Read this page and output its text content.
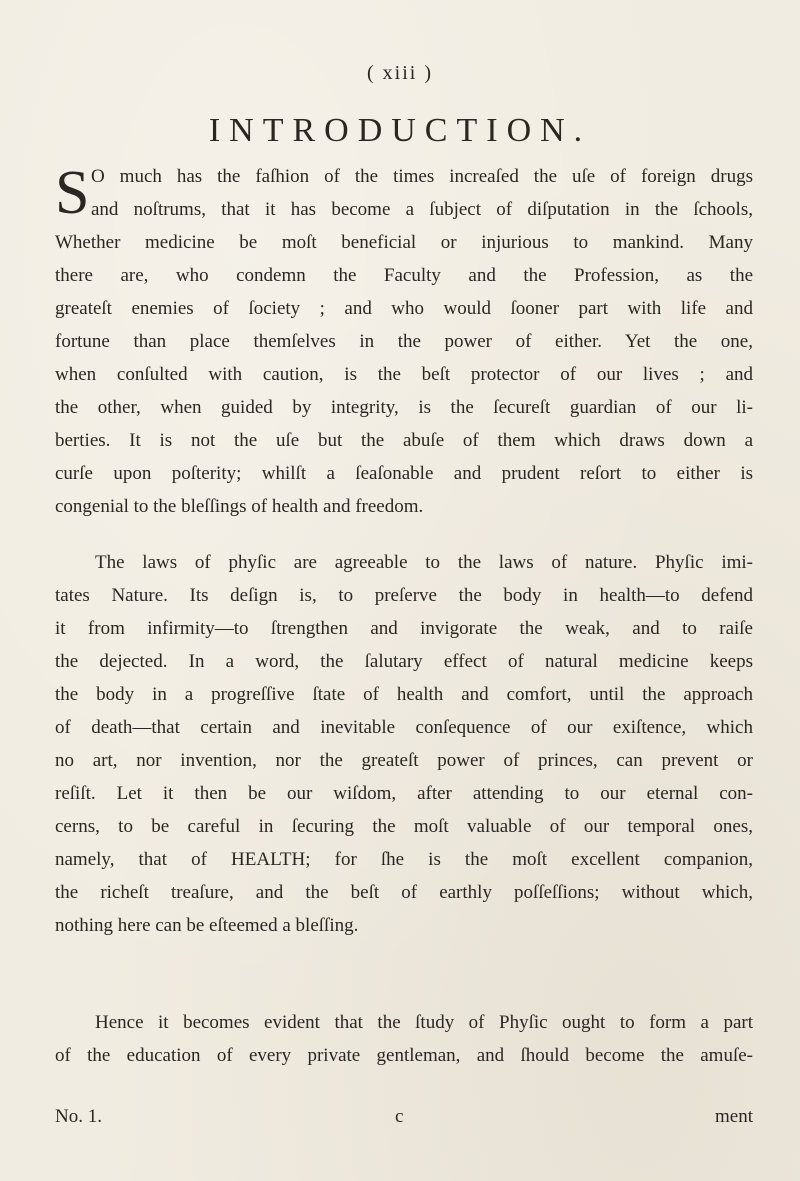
( xiii )
INTRODUCTION.
S O much has the faſhion of the times increaſed the uſe of foreign drugs
and noſtrums, that it has become a ſubject of diſputation in the ſchools,
Whether medicine be moſt beneficial or injurious to mankind. Many
there are, who condemn the Faculty and the Profession, as the
greateſt enemies of ſociety ; and who would ſooner part with life and
fortune than place themſelves in the power of either. Yet the one,
when conſulted with caution, is the beſt protector of our lives ; and
the other, when guided by integrity, is the ſecureſt guardian of our li-
berties. It is not the uſe but the abuſe of them which draws down a
curſe upon poſterity; whilſt a ſeaſonable and prudent reſort to either is
congenial to the bleſſings of health and freedom.
The laws of phyſic are agreeable to the laws of nature. Phyſic imi-
tates Nature. Its deſign is, to preſerve the body in health—to defend
it from infirmity—to ſtrengthen and invigorate the weak, and to raiſe
the dejected. In a word, the ſalutary effect of natural medicine keeps
the body in a progreſſive ſtate of health and comfort, until the approach
of death—that certain and inevitable conſequence of our exiſtence, which
no art, nor invention, nor the greateſt power of princes, can prevent or
reſiſt. Let it then be our wiſdom, after attending to our eternal con-
cerns, to be careful in ſecuring the moſt valuable of our temporal ones,
namely, that of HEALTH; for ſhe is the moſt excellent companion,
the richeſt treaſure, and the beſt of earthly poſſeſſions; without which,
nothing here can be eſteemed a bleſſing.
Hence it becomes evident that the ſtudy of Phyſic ought to form a part
of the education of every private gentleman, and ſhould become the amuſe-
No. 1.	c	ment
